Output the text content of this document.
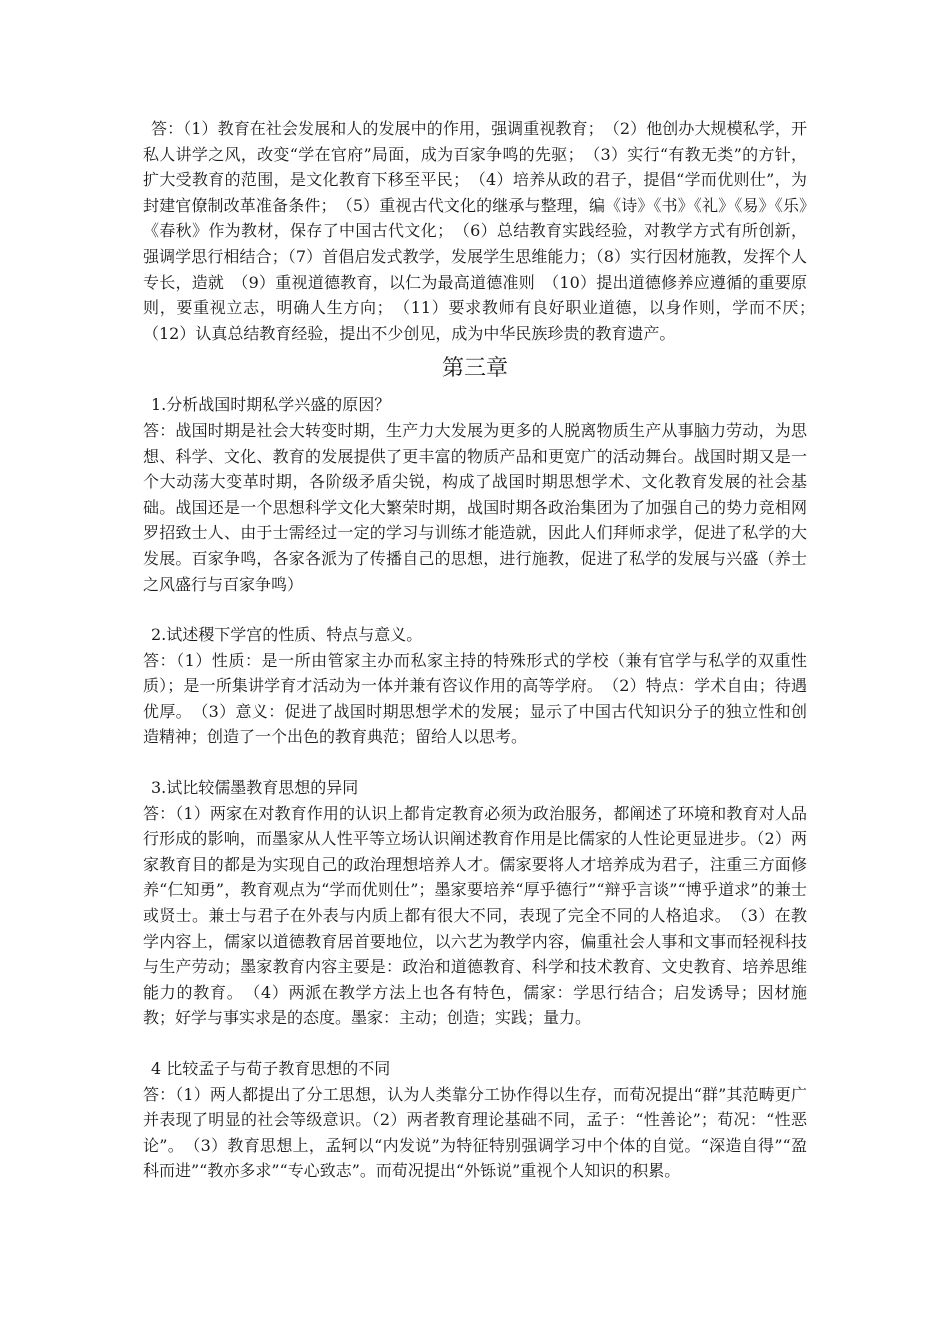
答：（1）教育在社会发展和人的发展中的作用，强调重视教育；　（2）他创办大规模私学，开私人讲学之风，改变“学在官府”局面，成为百家争鸣的先驱；　（3）实行“有教无类”的方针，扩大受教育的范围，是文化教育下移至平民；　（4）培养从政的君子，提倡“学而优则仕”，为封建官僚制改革准备条件；　（5）重视古代文化的继承与整理，编《诗》《书》《礼》《易》《乐》《春秋》作为教材，保存了中国古代文化；　（6）总结教育实践经验，对教学方式有所创新，强调学思行相结合；（7）首倡启发式教学，发展学生思维能力；（8）实行因材施教，发挥个人专长，造就　（9）重视道德教育，以仁为最高道德准则　（10）提出道德修养应遵循的重要原则，要重视立志，明确人生方向；　（11）要求教师有良好职业道德，以身作则，学而不厌；　（12）认真总结教育经验，提出不少创见，成为中华民族珍贵的教育遗产。

第三章

1.分析战国时期私学兴盛的原因？

答：战国时期是社会大转变时期，生产力大发展为更多的人脱离物质生产从事脑力劳动，为思想、科学、文化、教育的发展提供了更丰富的物质产品和更宽广的活动舞台。战国时期又是一个大动荡大变革时期，各阶级矛盾尖锐，构成了战国时期思想学术、文化教育发展的社会基础。战国还是一个思想科学文化大繁荣时期，战国时期各政治集团为了加强自己的势力竞相网罗招致士人、由于士需经过一定的学习与训练才能造就，因此人们拜师求学，促进了私学的大发展。百家争鸣，各家各派为了传播自己的思想，进行施教，促进了私学的发展与兴盛（养士之风盛行与百家争鸣）

2.试述稷下学宫的性质、特点与意义。

答：（1）性质：是一所由管家主办而私家主持的特殊形式的学校（兼有官学与私学的双重性质）；是一所集讲学育才活动为一体并兼有咨议作用的高等学府。　（2）特点：学术自由；待遇优厚。　（3）意义：促进了战国时期思想学术的发展；显示了中国古代知识分子的独立性和创造精神；创造了一个出色的教育典范；留给人以思考。

3.试比较儒墨教育思想的异同

答：（1）两家在对教育作用的认识上都肯定教育必须为政治服务，都阐述了环境和教育对人品行形成的影响，而墨家从人性平等立场认识阐述教育作用是比儒家的人性论更显进步。（2）两家教育目的都是为实现自己的政治理想培养人才。儒家要将人才培养成为君子，注重三方面修养“仁知勇”，教育观点为“学而优则仕”；墨家要培养“厚乎德行”“辩乎言谈”“博乎道求”的兼士或贤士。兼士与君子在外表与内质上都有很大不同，表现了完全不同的人格追求。　（3）在教学内容上，儒家以道德教育居首要地位，以六艺为教学内容，偏重社会人事和文事而轻视科技与生产劳动；墨家教育内容主要是：政治和道德教育、科学和技术教育、文史教育、培养思维能力的教育。　（4）两派在教学方法上也各有特色，儒家：学思行结合；启发诱导；因材施教；好学与事实求是的态度。墨家：主动；创造；实践；量力。

4 比较孟子与荀子教育思想的不同

答：（1）两人都提出了分工思想，认为人类靠分工协作得以生存，而荀况提出“群”其范畴更广并表现了明显的社会等级意识。（2）两者教育理论基础不同，孟子：“性善论”；荀况：“性恶论”。　（3）教育思想上，孟轲以“内发说”为特征特别强调学习中个体的自觉。“深造自得”“盈科而进”“教亦多求”“专心致志”。而荀况提出“外铄说”重视个人知识的积累。
